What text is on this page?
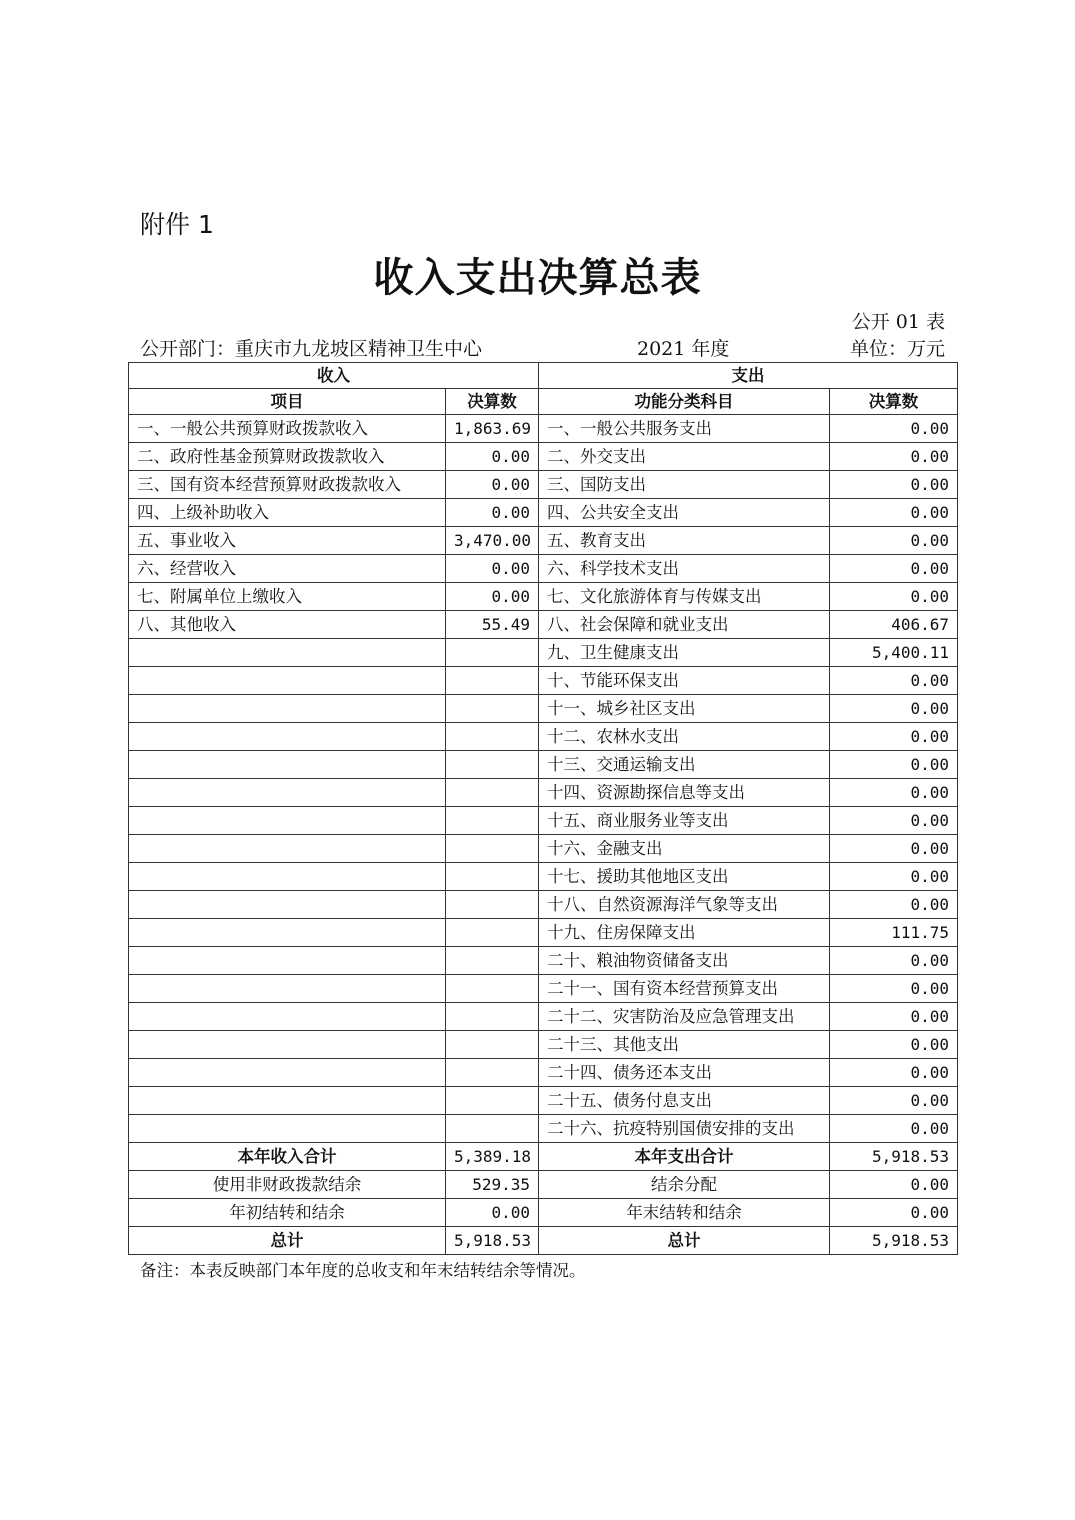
附件 1
收入支出决算总表
公开 01 表
公开部门：重庆市九龙坡区精神卫生中心	2021 年度	单位：万元
收入		支出	
项目	决算数	功能分类科目	决算数
一、一般公共预算财政拨款收入	1,863.69	一、一般公共服务支出	0.00
二、政府性基金预算财政拨款收入	0.00	二、外交支出	0.00
三、国有资本经营预算财政拨款收入	0.00	三、国防支出	0.00
四、上级补助收入	0.00	四、公共安全支出	0.00
五、事业收入	3,470.00	五、教育支出	0.00
六、经营收入	0.00	六、科学技术支出	0.00
七、附属单位上缴收入	0.00	七、文化旅游体育与传媒支出	0.00
八、其他收入	55.49	八、社会保障和就业支出	406.67
		九、卫生健康支出	5,400.11
		十、节能环保支出	0.00
		十一、城乡社区支出	0.00
		十二、农林水支出	0.00
		十三、交通运输支出	0.00
		十四、资源勘探信息等支出	0.00
		十五、商业服务业等支出	0.00
		十六、金融支出	0.00
		十七、援助其他地区支出	0.00
		十八、自然资源海洋气象等支出	0.00
		十九、住房保障支出	111.75
		二十、粮油物资储备支出	0.00
		二十一、国有资本经营预算支出	0.00
		二十二、灾害防治及应急管理支出	0.00
		二十三、其他支出	0.00
		二十四、债务还本支出	0.00
		二十五、债务付息支出	0.00
		二十六、抗疫特别国债安排的支出	0.00
本年收入合计	5,389.18	本年支出合计	5,918.53
使用非财政拨款结余	529.35	结余分配	0.00
年初结转和结余	0.00	年末结转和结余	0.00
总计	5,918.53	总计	5,918.53
备注：本表反映部门本年度的总收支和年末结转结余等情况。
